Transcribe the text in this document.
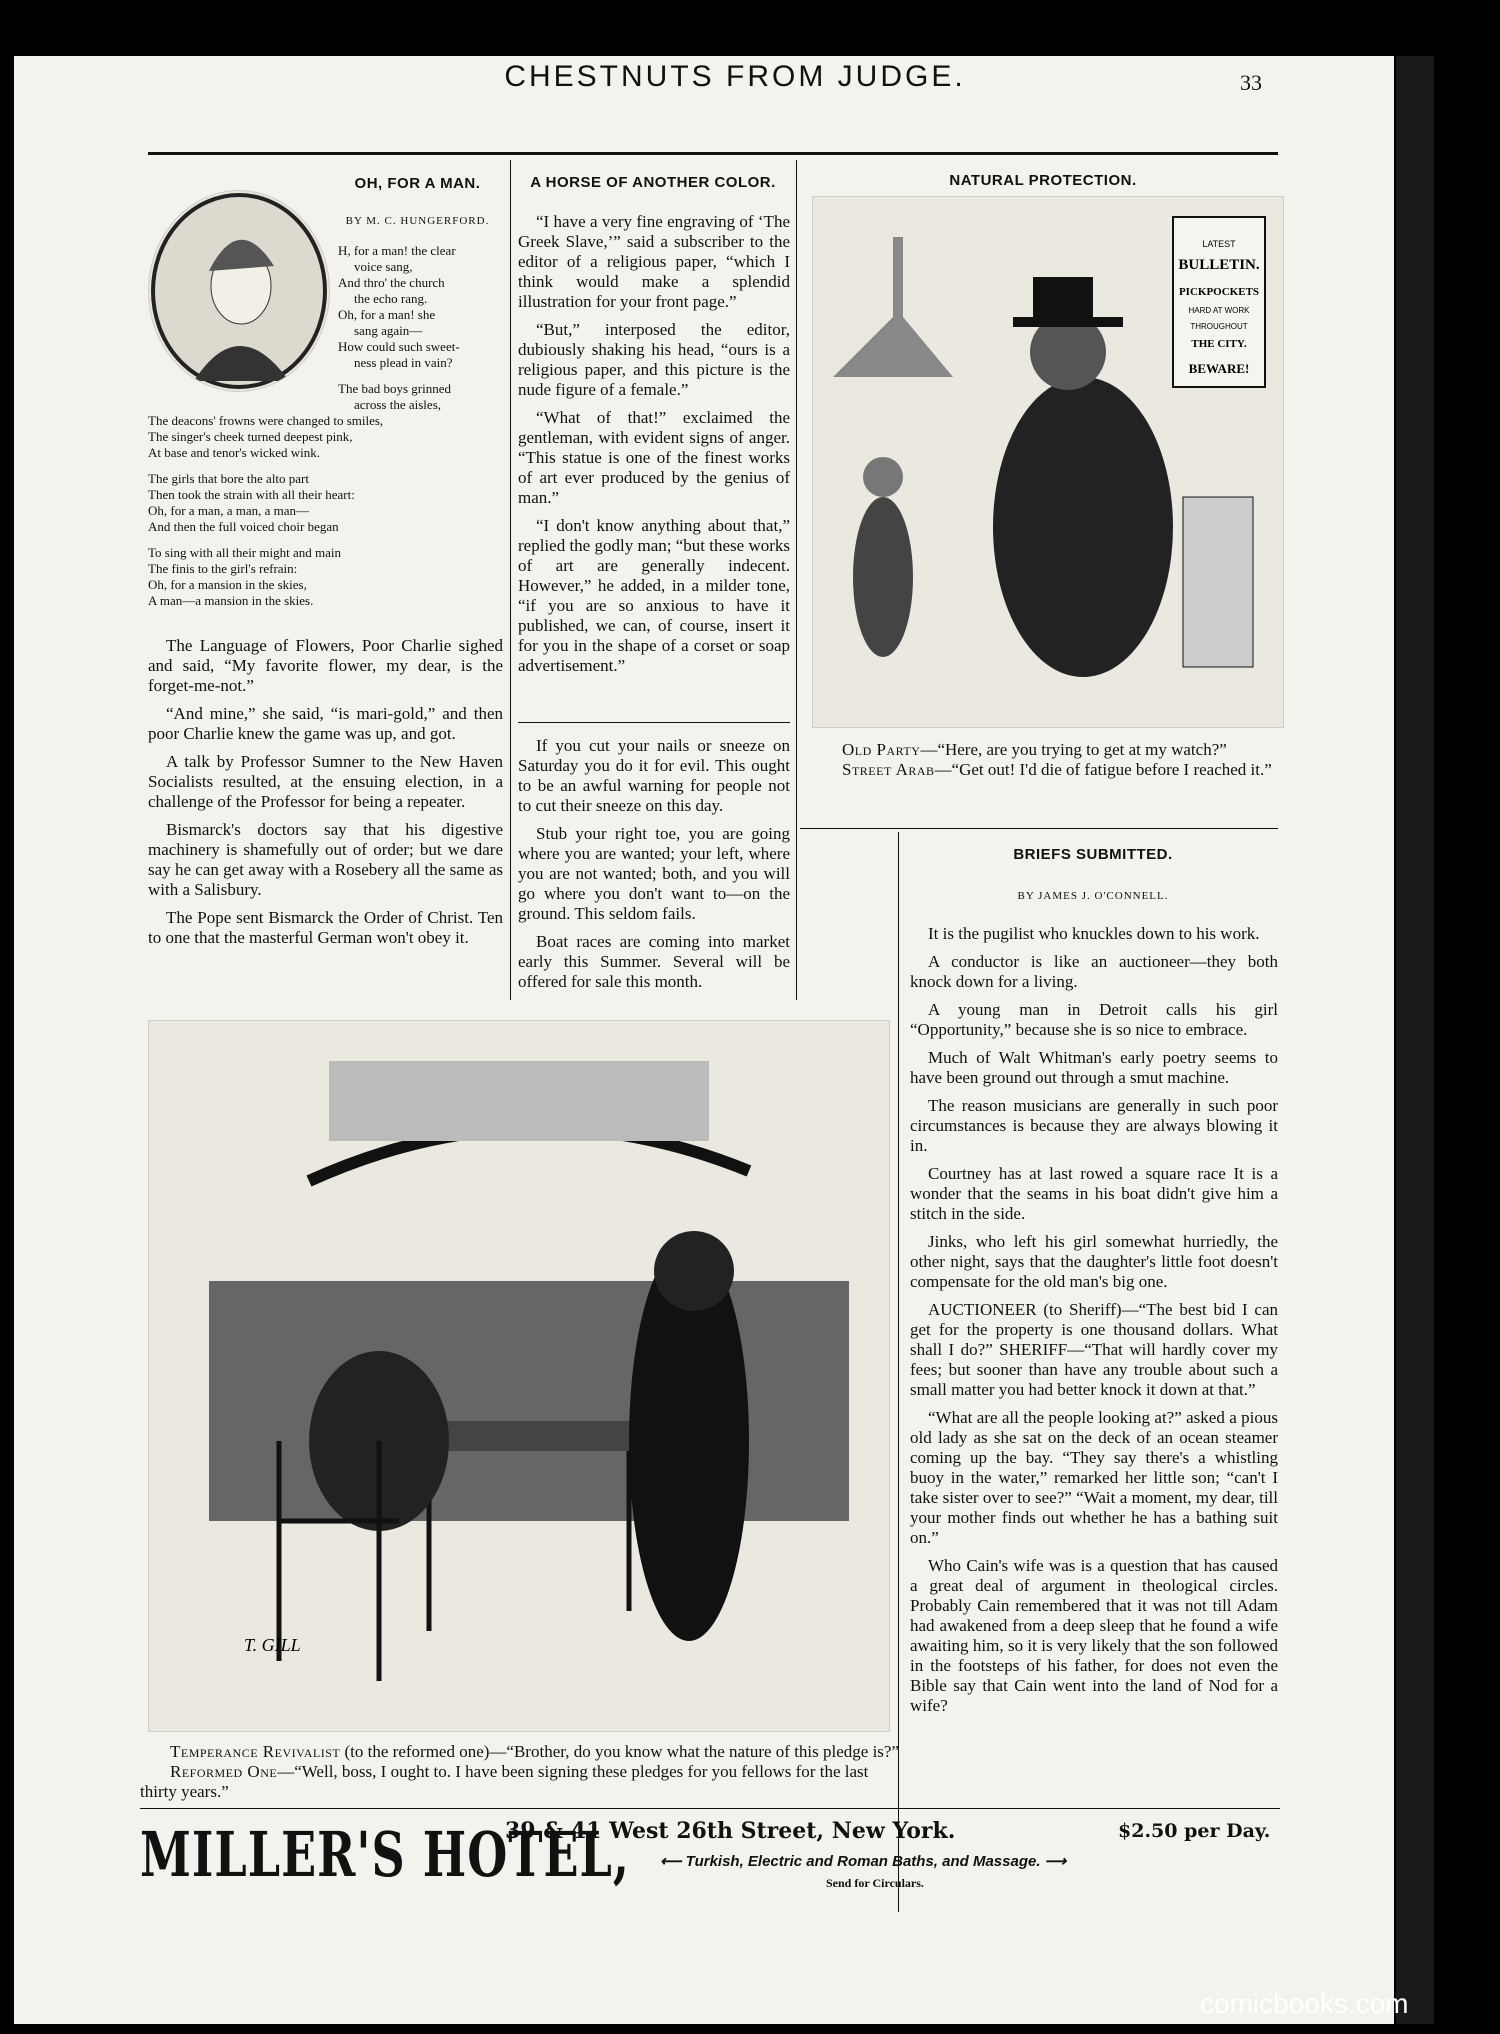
CHESTNUTS FROM JUDGE.	33
OH, FOR A MAN.
BY M. C. HUNGERFORD.
H, for a man! the clear
voice sang,
And thro' the church
the echo rang.
Oh, for a man! she
sang again—
How could such sweet-
ness plead in vain?
The bad boys grinned
across the aisles,
The deacons' frowns were changed to smiles,
The singer's cheek turned deepest pink,
At base and tenor's wicked wink.
The girls that bore the alto part
Then took the strain with all their heart:
Oh, for a man, a man, a man—
And then the full voiced choir began
To sing with all their might and main
The finis to the girl's refrain:
Oh, for a mansion in the skies,
A man—a mansion in the skies.

The Language of Flowers, Poor Charlie sighed and said, “My favorite flower, my dear, is the forget-me-not.”

“And mine,” she said, “is mari-gold,” and then poor Charlie knew the game was up, and got.

A talk by Professor Sumner to the New Haven Socialists resulted, at the ensuing election, in a challenge of the Professor for being a repeater.

Bismarck's doctors say that his digestive machinery is shamefully out of order; but we dare say he can get away with a Rosebery all the same as with a Salisbury.

The Pope sent Bismarck the Order of Christ. Ten to one that the masterful German won't obey it.

A HORSE OF ANOTHER COLOR.

“I have a very fine engraving of ‘The Greek Slave,’” said a subscriber to the editor of a religious paper, “which I think would make a splendid illustration for your front page.”

“But,” interposed the editor, dubiously shaking his head, “ours is a religious paper, and this picture is the nude figure of a female.”

“What of that!” exclaimed the gentleman, with evident signs of anger. “This statue is one of the finest works of art ever produced by the genius of man.”

“I don't know anything about that,” replied the godly man; “but these works of art are generally indecent. However,” he added, in a milder tone, “if you are so anxious to have it published, we can, of course, insert it for you in the shape of a corset or soap advertisement.”

If you cut your nails or sneeze on Saturday you do it for evil. This ought to be an awful warning for people not to cut their sneeze on this day.

Stub your right toe, you are going where you are wanted; your left, where you are not wanted; both, and you will go where you don't want to—on the ground. This seldom fails.

Boat races are coming into market early this Summer. Several will be offered for sale this month.

NATURAL PROTECTION.
LATEST
BULLETIN.
PICKPOCKETS
HARD AT WORK
THROUGHOUT
THE CITY.
BEWARE!
Old Party—“Here, are you trying to get at my watch?”
Street Arab—“Get out! I'd die of fatigue before I reached it.”
BRIEFS SUBMITTED.
BY JAMES J. O'CONNELL.

It is the pugilist who knuckles down to his work.

A conductor is like an auctioneer—they both knock down for a living.

A young man in Detroit calls his girl “Opportunity,” because she is so nice to embrace.

Much of Walt Whitman's early poetry seems to have been ground out through a smut machine.

The reason musicians are generally in such poor circumstances is because they are always blowing it in.

Courtney has at last rowed a square race It is a wonder that the seams in his boat didn't give him a stitch in the side.

Jinks, who left his girl somewhat hurriedly, the other night, says that the daughter's little foot doesn't compensate for the old man's big one.

AUCTIONEER (to Sheriff)—“The best bid I can get for the property is one thousand dollars. What shall I do?” SHERIFF—“That will hardly cover my fees; but sooner than have any trouble about such a small matter you had better knock it down at that.”

“What are all the people looking at?” asked a pious old lady as she sat on the deck of an ocean steamer coming up the bay. “They say there's a whistling buoy in the water,” remarked her little son; “can't I take sister over to see?” “Wait a moment, my dear, till your mother finds out whether he has a bathing suit on.”

Who Cain's wife was is a question that has caused a great deal of argument in theological circles. Probably Cain remembered that it was not till Adam had awakened from a deep sleep that he found a wife awaiting him, so it is very likely that the son followed in the footsteps of his father, for does not even the Bible say that Cain went into the land of Nod for a wife?

T. GILL
Temperance Revivalist (to the reformed one)—“Brother, do you know what the nature of this pledge is?”
Reformed One—“Well, boss, I ought to. I have been signing these pledges for you fellows for the last thirty years.”
MILLER'S HOTEL,
39 & 41 West 26th Street, New York.	$2.50 per Day.
⟵ Turkish, Electric and Roman Baths, and Massage. ⟶
Send for Circulars.
comicbooks.com
